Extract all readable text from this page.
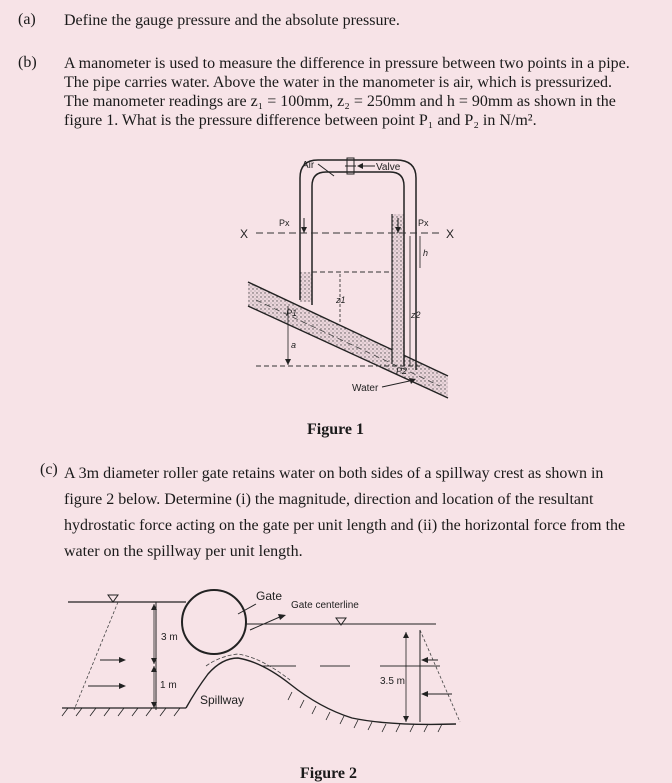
(a) Define the gauge pressure and the absolute pressure.
(b) A manometer is used to measure the difference in pressure between two points in a pipe.
The pipe carries water. Above the water in the manometer is air, which is pressurized.
The manometer readings are z₁ = 100mm, z₂ = 250mm and h = 90mm as shown in the
figure 1. What is the pressure difference between point P₁ and P₂ in N/m².
Valve
Air
X	X
Px	Px
h
z1
z2
P1
P2
a
Water
Figure 1
(c) A 3m diameter roller gate retains water on both sides of a spillway crest as shown in
figure 2 below. Determine (i) the magnitude, direction and location of the resultant
hydrostatic force acting on the gate per unit length and (ii) the horizontal force from the
water on the spillway per unit length.
3 m
1 m
Gate centerline
Gate
Spillway
3.5 m
Figure 2
